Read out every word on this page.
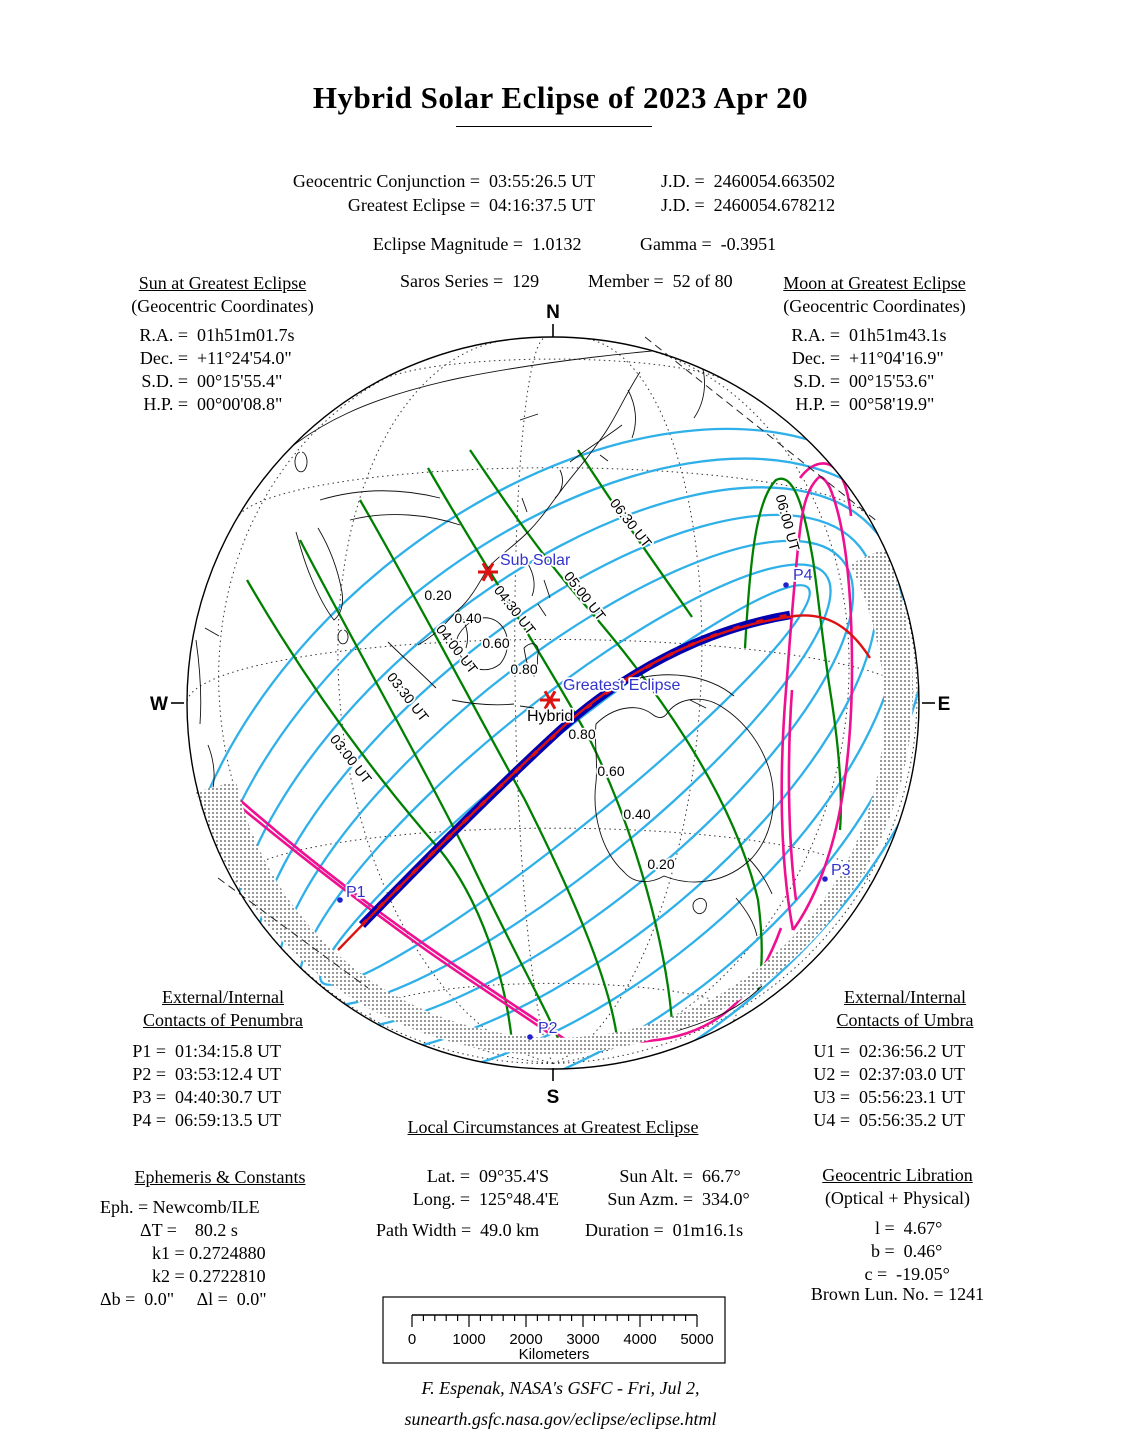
N
S
W	E
Sub Solar
Greatest Eclipse
Hybrid
P1
P2
P3
P4
03:00 UT
03:30 UT
04:00 UT
04:30 UT 05:00 UT
06:30 UT	06:00 UT
0.20
0.40
0.60
0.80
0.80
0.60
0.40
0.20
0 1000 2000 3000 4000 5000
Kilometers
Hybrid Solar Eclipse of 2023 Apr 20

Geocentric Conjunction = 03:55:26.5 UT	J.D. = 2460054.663502

Greatest Eclipse = 04:16:37.5 UT	J.D. = 2460054.678212

Eclipse Magnitude = 1.0132	Gamma = -0.3951

Saros Series = 129	Member = 52 of 80
Sun at Greatest Eclipse
(Geocentric Coordinates)
R.A. = 01h51m01.7s
Dec. = +11°24'54.0"
S.D. = 00°15'55.4"
H.P. = 00°00'08.8"
Moon at Greatest Eclipse
(Geocentric Coordinates)
R.A. = 01h51m43.1s
Dec. = +11°04'16.9"
S.D. = 00°15'53.6"
H.P. = 00°58'19.9"
External/Internal
Contacts of Penumbra
P1 = 01:34:15.8 UT
P2 = 03:53:12.4 UT
P3 = 04:40:30.7 UT
P4 = 06:59:13.5 UT
External/Internal
Contacts of Umbra
U1 = 02:36:56.2 UT
U2 = 02:37:03.0 UT
U3 = 05:56:23.1 UT
U4 = 05:56:35.2 UT
Local Circumstances at Greatest Eclipse

Lat. = 09°35.4'S

Long. = 125°48.4'E

Sun Alt. = 66.7°

Sun Azm. = 334.0°

Path Width = 49.0 km	Duration = 01m16.1s
Ephemeris & Constants
Eph. = Newcomb/ILE
ΔT =    80.2 s
k1 = 0.2724880
k2 = 0.2722810
Δb =  0.0"     Δl =  0.0"
Geocentric Libration
(Optical + Physical)
l = 4.67°
b = 0.46°
c = -19.05°
Brown Lun. No. = 1241
F. Espenak, NASA's GSFC - Fri, Jul 2,
sunearth.gsfc.nasa.gov/eclipse/eclipse.html
